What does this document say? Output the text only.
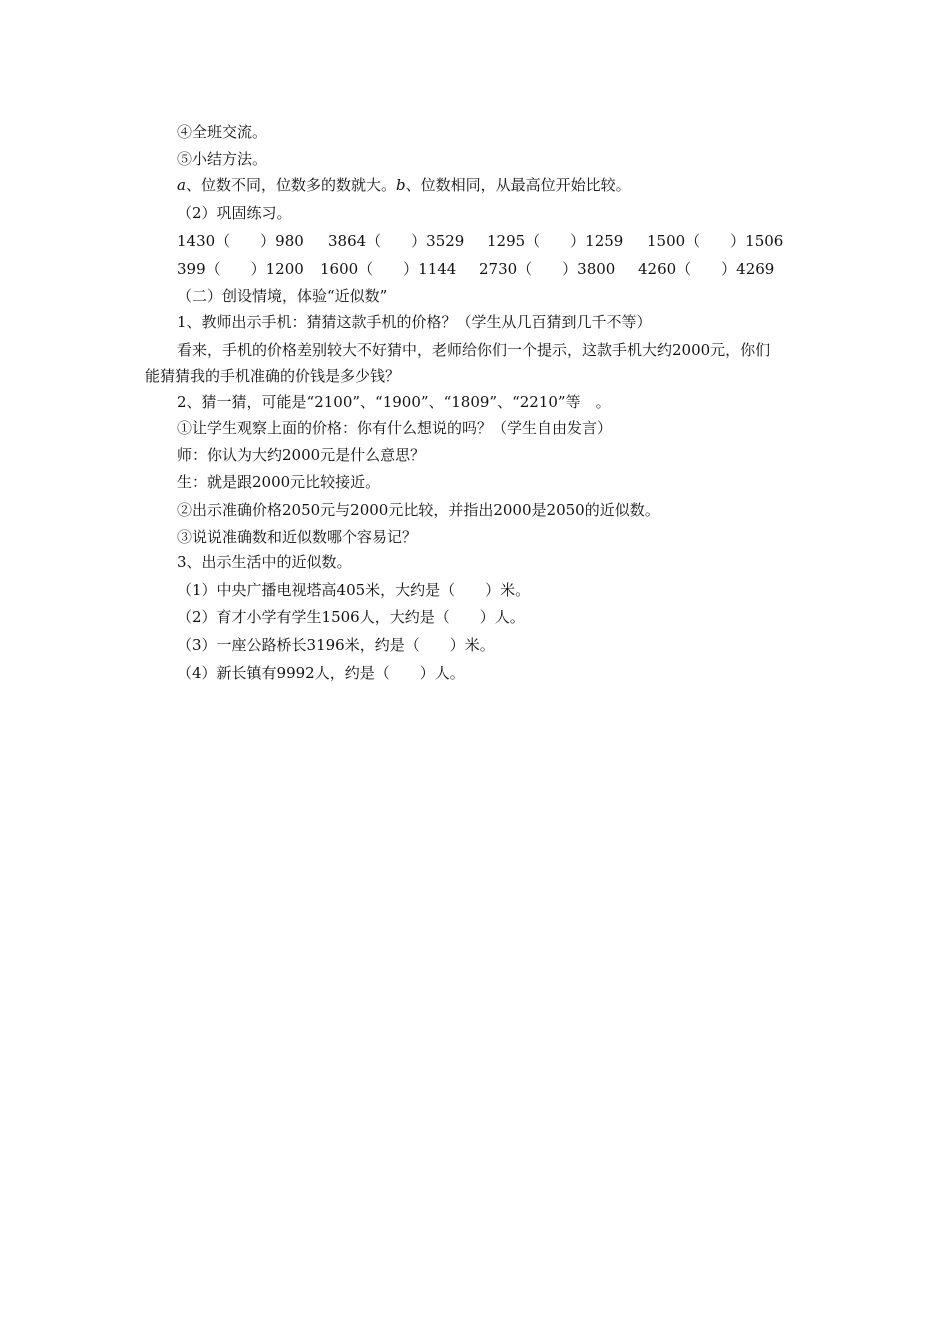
④全班交流。
⑤小结方法。
a、位数不同，位数多的数就大。b、位数相同，从最高位开始比较。
（2）巩固练习。
1430（　　）980 3864（　　）3529 1295（　　）1259 1500（　　）1506
399（　　）1200 1600（　　）1144 2730（　　）3800 4260（　　）4269
（二）创设情境，体验“近似数”
1、教师出示手机：猜猜这款手机的价格？（学生从几百猜到几千不等）
看来，手机的价格差别较大不好猜中，老师给你们一个提示，这款手机大约2000元，你们
能猜猜我的手机准确的价钱是多少钱？
2、猜一猜，可能是“2100”、“1900”、“1809”、“2210”等　。
①让学生观察上面的价格：你有什么想说的吗？（学生自由发言）
师：你认为大约2000元是什么意思？
生：就是跟2000元比较接近。
②出示准确价格2050元与2000元比较，并指出2000是2050的近似数。
③说说准确数和近似数哪个容易记？
3、出示生活中的近似数。
（1）中央广播电视塔高405米，大约是（　　）米。
（2）育才小学有学生1506人，大约是（　　）人。
（3）一座公路桥长3196米，约是（　　）米。
（4）新长镇有9992人，约是（　　）人。
